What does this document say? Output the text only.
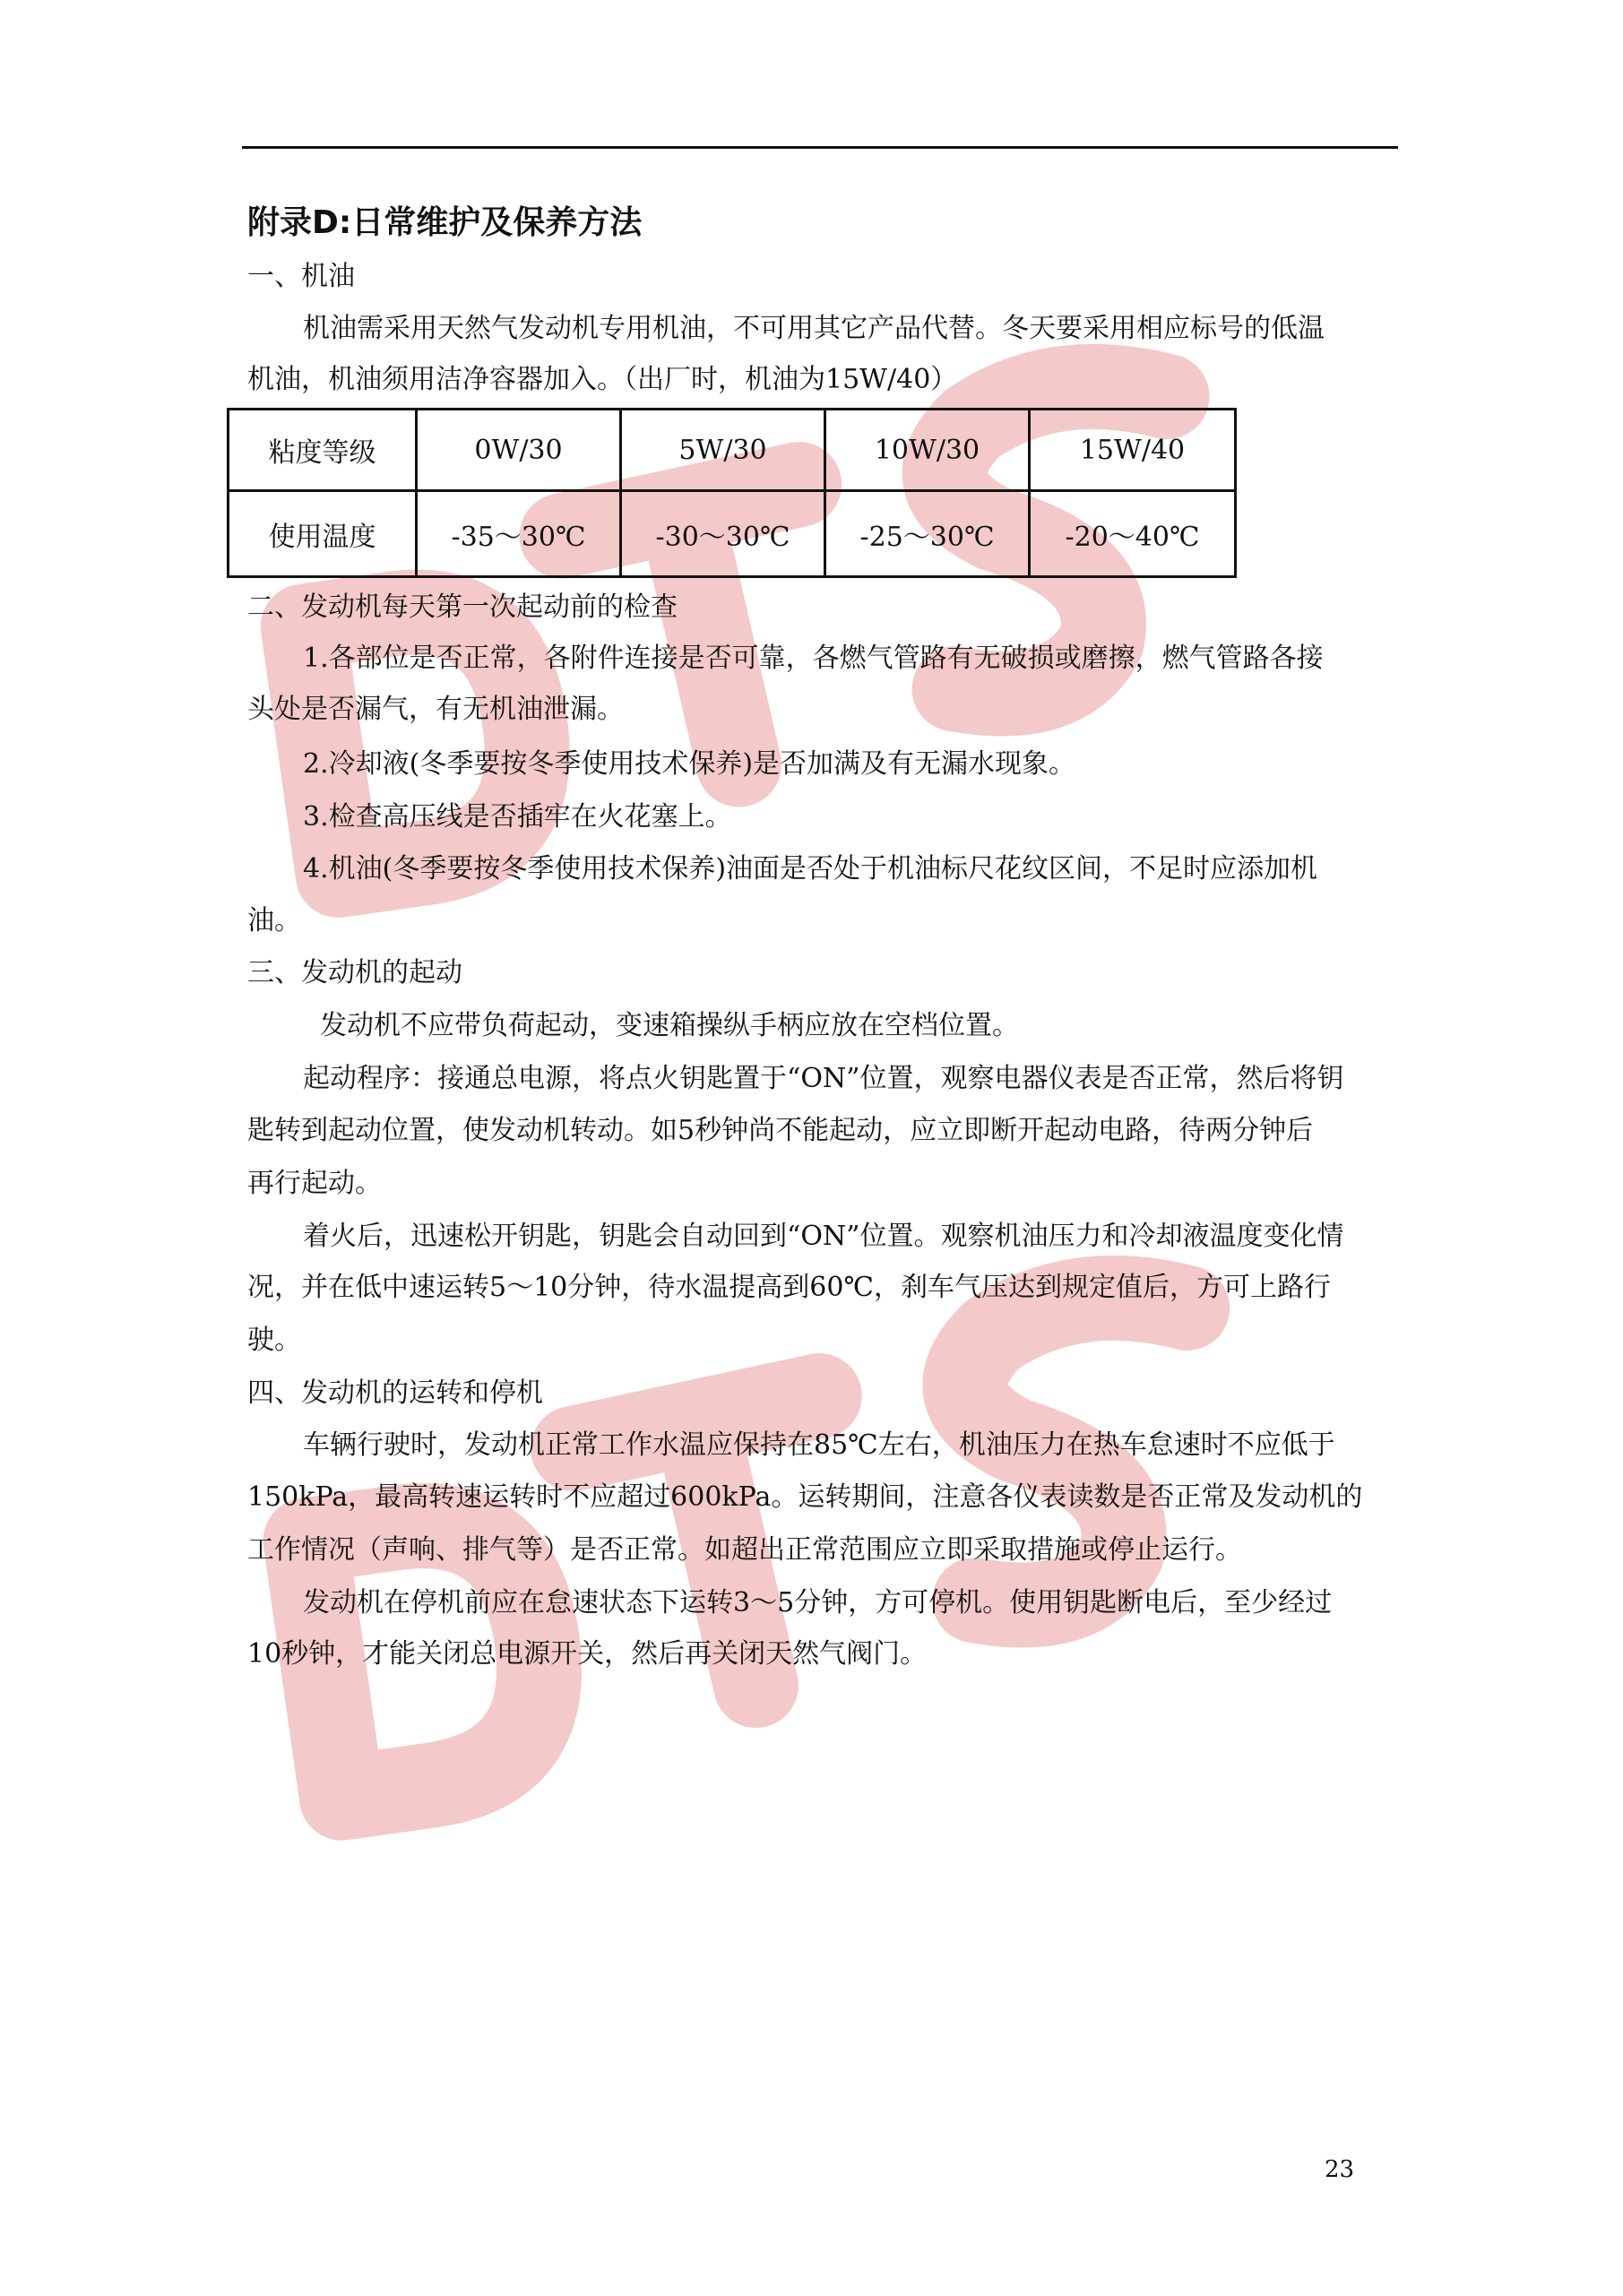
附录D:日常维护及保养方法
一、机油
机油需采用天然气发动机专用机油，不可用其它产品代替。冬天要采用相应标号的低温
机油，机油须用洁净容器加入。（出厂时，机油为15W/40）
粘度等级	0W/30	5W/30	10W/30	15W/40
使用温度	-35～30℃	-30～30℃	-25～30℃	-20～40℃
二、发动机每天第一次起动前的检查
1.各部位是否正常，各附件连接是否可靠，各燃气管路有无破损或磨擦，燃气管路各接
头处是否漏气，有无机油泄漏。
2.冷却液(冬季要按冬季使用技术保养)是否加满及有无漏水现象。
3.检查高压线是否插牢在火花塞上。
4.机油(冬季要按冬季使用技术保养)油面是否处于机油标尺花纹区间，不足时应添加机
油。
三、发动机的起动
发动机不应带负荷起动，变速箱操纵手柄应放在空档位置。
起动程序：接通总电源，将点火钥匙置于“ON”位置，观察电器仪表是否正常，然后将钥
匙转到起动位置，使发动机转动。如5秒钟尚不能起动，应立即断开起动电路，待两分钟后
再行起动。
着火后，迅速松开钥匙，钥匙会自动回到“ON”位置。观察机油压力和冷却液温度变化情
况，并在低中速运转5～10分钟，待水温提高到60℃，刹车气压达到规定值后，方可上路行
驶。
四、发动机的运转和停机
车辆行驶时，发动机正常工作水温应保持在85℃左右，机油压力在热车怠速时不应低于
150kPa，最高转速运转时不应超过600kPa。运转期间，注意各仪表读数是否正常及发动机的
工作情况（声响、排气等）是否正常。如超出正常范围应立即采取措施或停止运行。
发动机在停机前应在怠速状态下运转3～5分钟，方可停机。使用钥匙断电后，至少经过
10秒钟，才能关闭总电源开关，然后再关闭天然气阀门。
23
